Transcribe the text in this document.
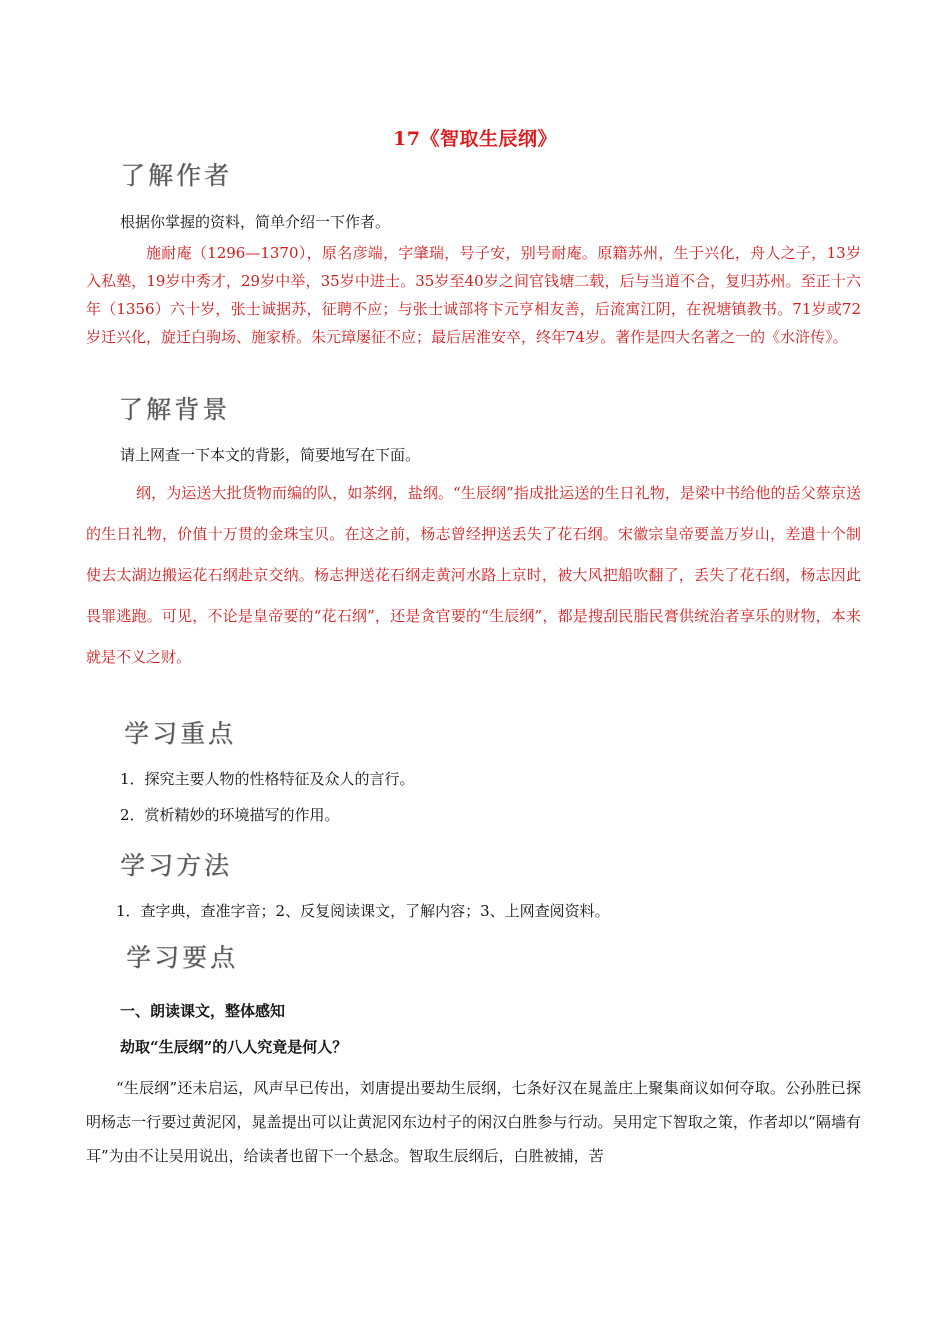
17《智取生辰纲》
了解作者
根据你掌握的资料，简单介绍一下作者。
施耐庵（1296—1370），原名彦端，字肇瑞，号子安，别号耐庵。原籍苏州，生于兴化，舟人之子，13岁入私塾，19岁中秀才，29岁中举，35岁中进士。35岁至40岁之间官钱塘二载，后与当道不合，复归苏州。至正十六年（1356）六十岁，张士诚据苏，征聘不应；与张士诚部将卞元亨相友善，后流寓江阴，在祝塘镇教书。71岁或72岁迁兴化，旋迁白驹场、施家桥。朱元璋屡征不应；最后居淮安卒，终年74岁。著作是四大名著之一的《水浒传》。
了解背景
请上网查一下本文的背影，简要地写在下面。
纲，为运送大批货物而编的队，如茶纲，盐纲。“生辰纲”指成批运送的生日礼物，是梁中书给他的岳父蔡京送的生日礼物，价值十万贯的金珠宝贝。在这之前，杨志曾经押送丢失了花石纲。宋徽宗皇帝要盖万岁山，差遣十个制使去太湖边搬运花石纲赴京交纳。杨志押送花石纲走黄河水路上京时，被大风把船吹翻了，丢失了花石纲，杨志因此畏罪逃跑。可见，不论是皇帝要的“花石纲”，还是贪官要的“生辰纲”，都是搜刮民脂民膏供统治者享乐的财物，本来就是不义之财。
学习重点
1．探究主要人物的性格特征及众人的言行。
2．赏析精妙的环境描写的作用。
学习方法
1．查字典，查准字音；2、反复阅读课文，了解内容；3、上网查阅资料。
学习要点
一、朗读课文，整体感知
劫取“生辰纲”的八人究竟是何人？
“生辰纲”还未启运，风声早已传出，刘唐提出要劫生辰纲，七条好汉在晁盖庄上聚集商议如何夺取。公孙胜已探明杨志一行要过黄泥冈，晁盖提出可以让黄泥冈东边村子的闲汉白胜参与行动。吴用定下智取之策，作者却以“隔墙有耳”为由不让吴用说出，给读者也留下一个悬念。智取生辰纲后，白胜被捕，苦
